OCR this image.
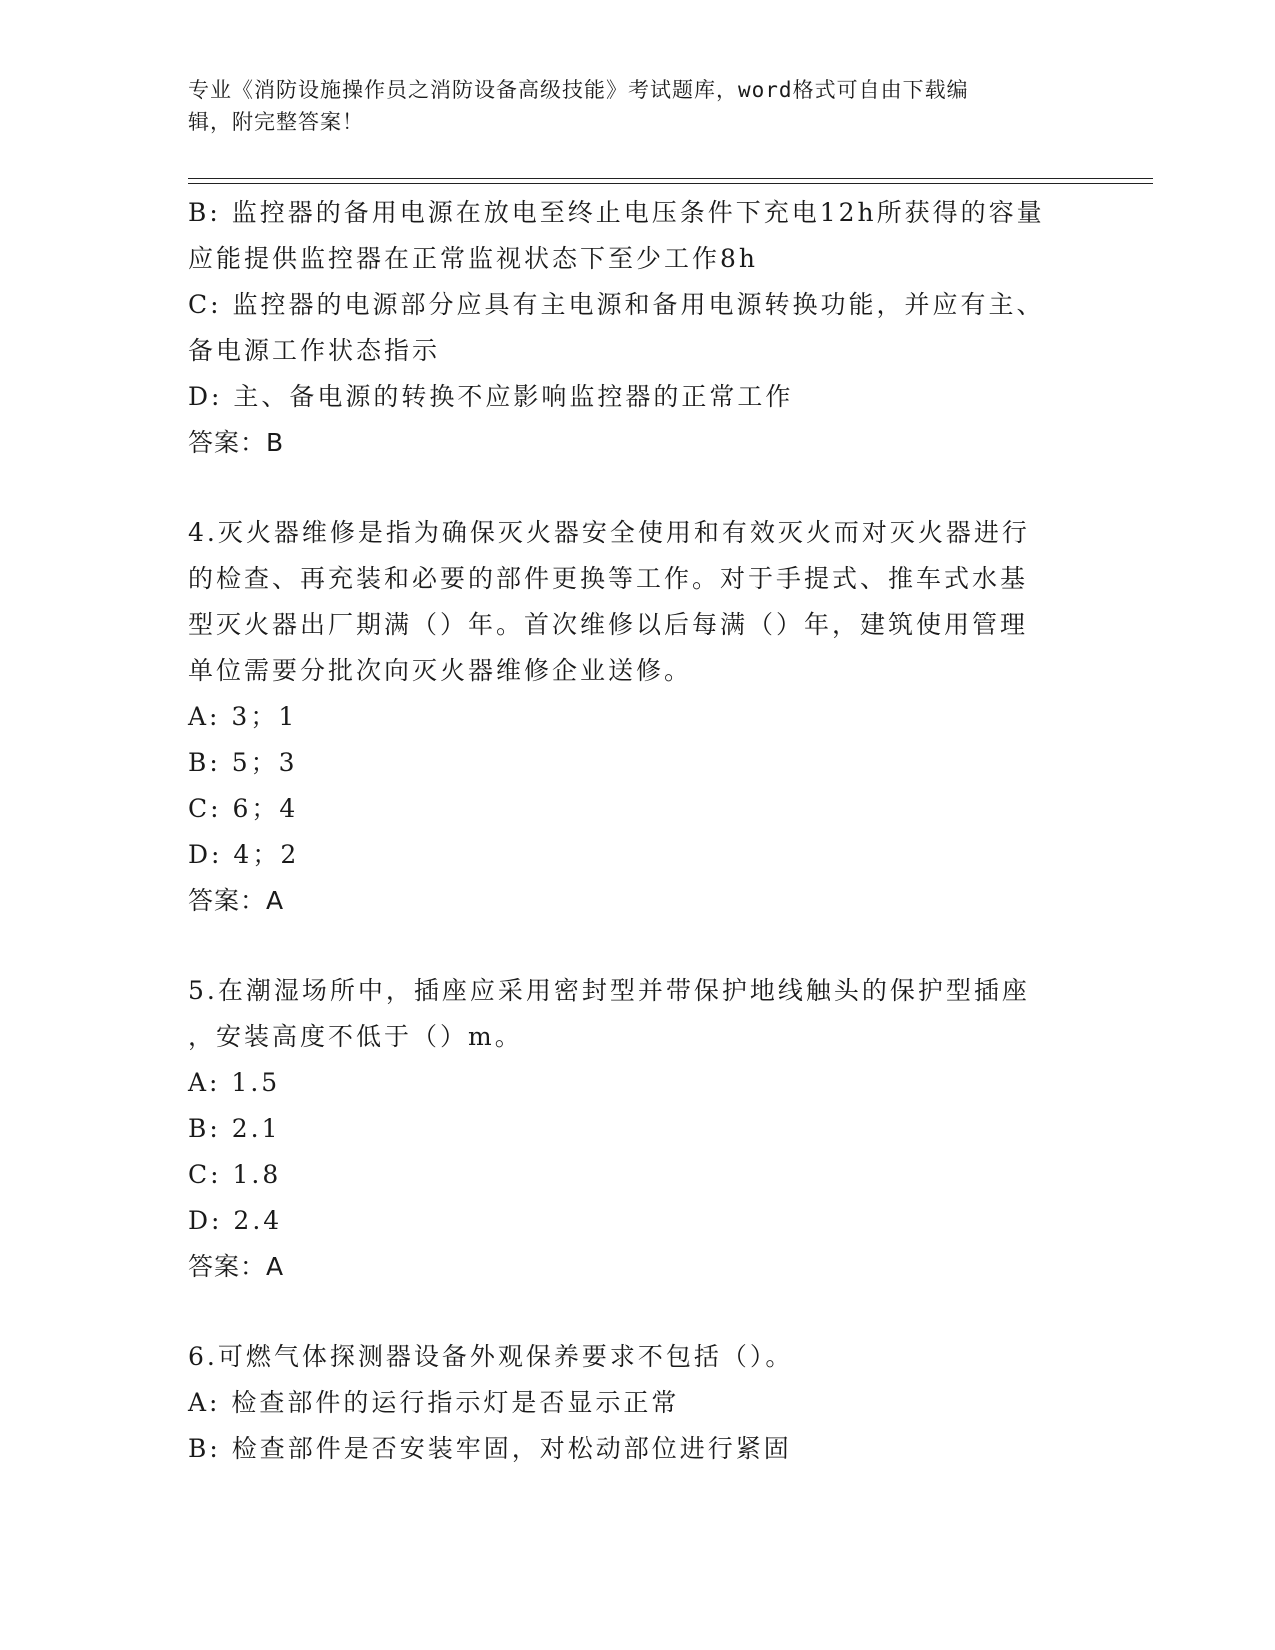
专业《消防设施操作员之消防设备高级技能》考试题库，word格式可自由下载编
辑，附完整答案！
B: 监控器的备用电源在放电至终止电压条件下充电12h所获得的容量
应能提供监控器在正常监视状态下至少工作8h
C: 监控器的电源部分应具有主电源和备用电源转换功能，并应有主、
备电源工作状态指示
D: 主、备电源的转换不应影响监控器的正常工作
答案：B
4.灭火器维修是指为确保灭火器安全使用和有效灭火而对灭火器进行
的检查、再充装和必要的部件更换等工作。对于手提式、推车式水基
型灭火器出厂期满（）年。首次维修以后每满（）年，建筑使用管理
单位需要分批次向灭火器维修企业送修。
A: 3；1
B: 5；3
C: 6；4
D: 4；2
答案：A
5.在潮湿场所中，插座应采用密封型并带保护地线触头的保护型插座
，安装高度不低于（）m。
A: 1.5
B: 2.1
C: 1.8
D: 2.4
答案：A
6.可燃气体探测器设备外观保养要求不包括（）。
A: 检查部件的运行指示灯是否显示正常
B: 检查部件是否安装牢固，对松动部位进行紧固
